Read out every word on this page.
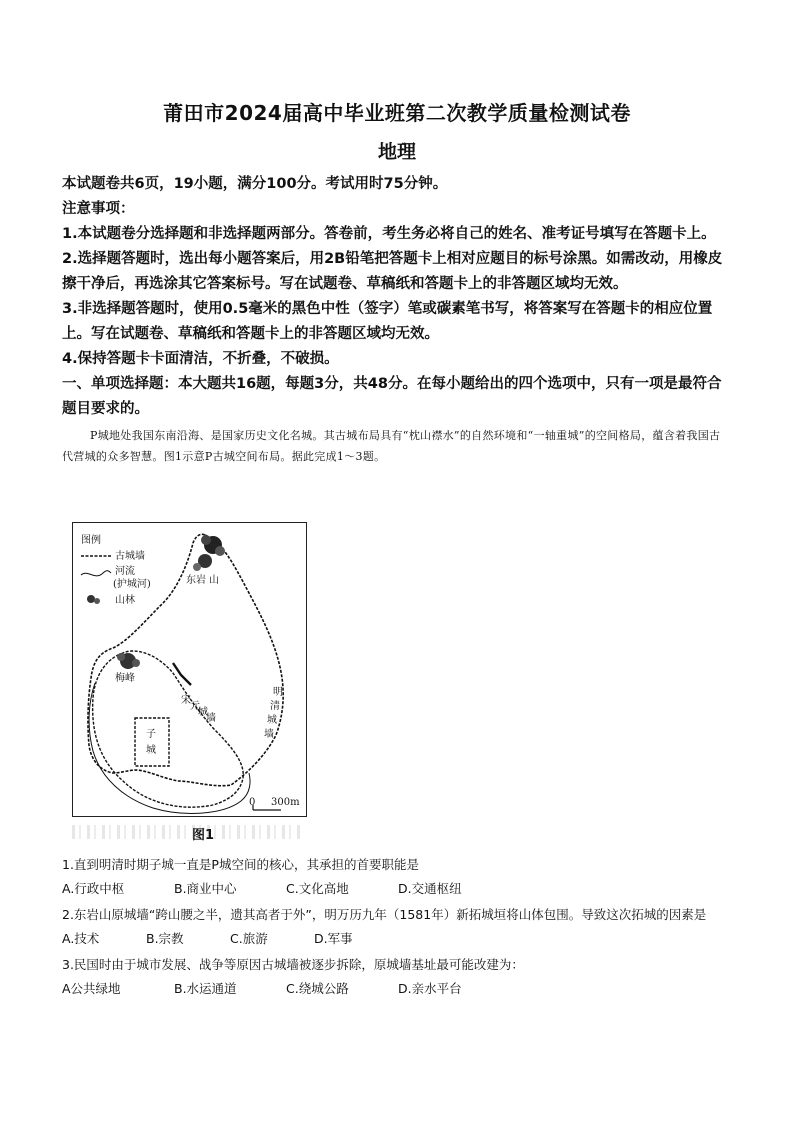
莆田市2024届高中毕业班第二次教学质量检测试卷
地理

本试题卷共6页，19小题，满分100分。考试用时75分钟。

注意事项：

1.本试题卷分选择题和非选择题两部分。答卷前，考生务必将自己的姓名、准考证号填写在答题卡上。

2.选择题答题时，选出每小题答案后，用2B铅笔把答题卡上相对应题目的标号涂黑。如需改动，用橡皮擦干净后，再选涂其它答案标号。写在试题卷、草稿纸和答题卡上的非答题区域均无效。

3.非选择题答题时，使用0.5毫米的黑色中性（签字）笔或碳素笔书写，将答案写在答题卡的相应位置上。写在试题卷、草稿纸和答题卡上的非答题区域均无效。

4.保持答题卡卡面清洁，不折叠，不破损。

一、单项选择题：本大题共16题，每题3分，共48分。在每小题给出的四个选项中，只有一项是最符合题目要求的。

P城地处我国东南沿海、是国家历史文化名城。其古城布局具有“枕山襟水”的自然环境和“一轴重城”的空间格局，蕴含着我国古代营城的众多智慧。图1示意P古城空间布局。据此完成1～3题。

图例
古城墙
河流
(护城河)
山林
东 岩 山
梅峰
宋
元
城
墙
明
清
城
墙
子
城
0 300m
图1

1.直到明清时期子城一直是P城空间的核心，其承担的首要职能是

A.行政中枢	B.商业中心	C.文化高地	D.交通枢纽

2.东岩山原城墙“跨山腰之半，遗其高者于外”，明万历九年（1581年）新拓城垣将山体包围。导致这次拓城的因素是

A.技术	B.宗教	C.旅游	D.军事

3.民国时由于城市发展、战争等原因古城墙被逐步拆除，原城墙基址最可能改建为：

A公共绿地	B.水运通道	C.绕城公路	D.亲水平台
